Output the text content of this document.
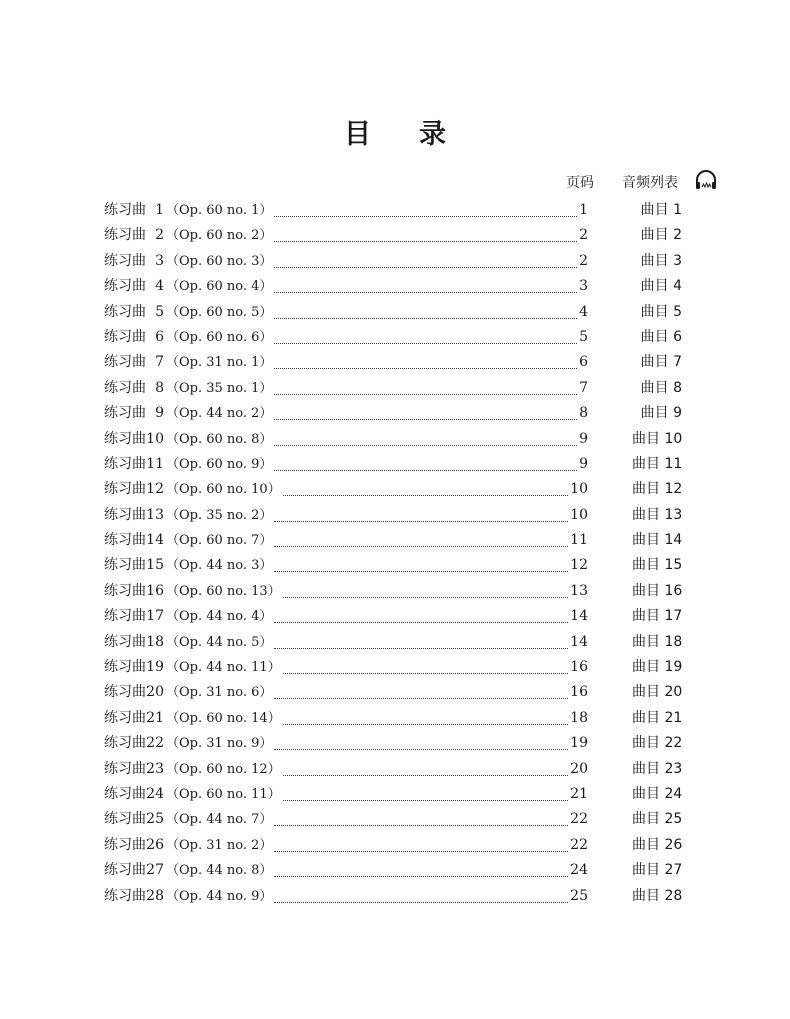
目 录
页码 音频列表
练习曲 1 （Op. 60 no. 1）	1	曲目 1
练习曲 2 （Op. 60 no. 2）	2	曲目 2
练习曲 3 （Op. 60 no. 3）	2	曲目 3
练习曲 4 （Op. 60 no. 4）	3	曲目 4
练习曲 5 （Op. 60 no. 5）	4	曲目 5
练习曲 6 （Op. 60 no. 6）	5	曲目 6
练习曲 7 （Op. 31 no. 1）	6	曲目 7
练习曲 8 （Op. 35 no. 1）	7	曲目 8
练习曲 9 （Op. 44 no. 2）	8	曲目 9
练习曲10 （Op. 60 no. 8）	9	曲目 10
练习曲11 （Op. 60 no. 9）	9	曲目 11
练习曲12 （Op. 60 no. 10）	10	曲目 12
练习曲13 （Op. 35 no. 2）	10	曲目 13
练习曲14 （Op. 60 no. 7）	11	曲目 14
练习曲15 （Op. 44 no. 3）	12	曲目 15
练习曲16 （Op. 60 no. 13）	13	曲目 16
练习曲17 （Op. 44 no. 4）	14	曲目 17
练习曲18 （Op. 44 no. 5）	14	曲目 18
练习曲19 （Op. 44 no. 11）	16	曲目 19
练习曲20 （Op. 31 no. 6）	16	曲目 20
练习曲21 （Op. 60 no. 14）	18	曲目 21
练习曲22 （Op. 31 no. 9）	19	曲目 22
练习曲23 （Op. 60 no. 12）	20	曲目 23
练习曲24 （Op. 60 no. 11）	21	曲目 24
练习曲25 （Op. 44 no. 7）	22	曲目 25
练习曲26 （Op. 31 no. 2）	22	曲目 26
练习曲27 （Op. 44 no. 8）	24	曲目 27
练习曲28 （Op. 44 no. 9）	25	曲目 28
